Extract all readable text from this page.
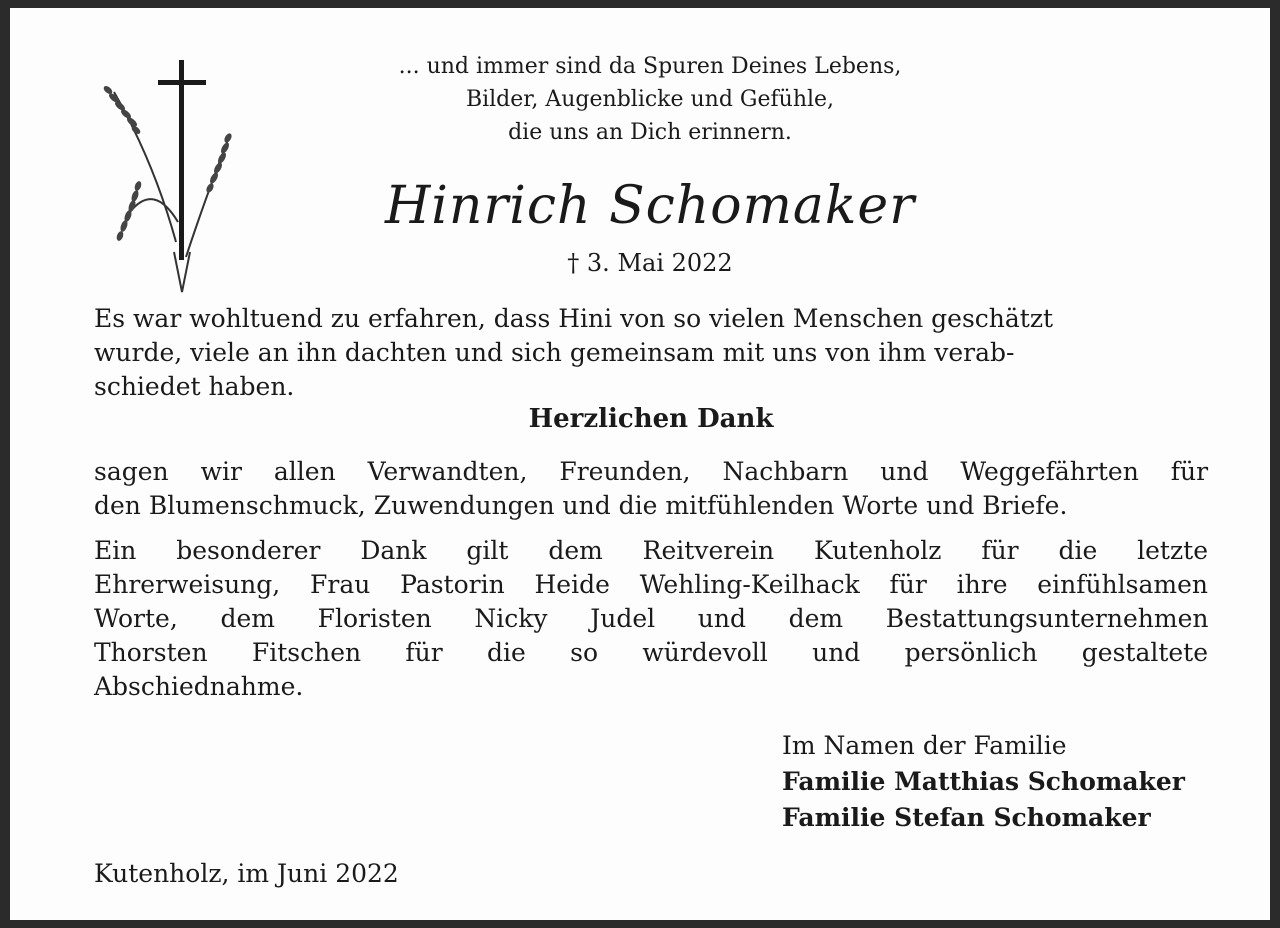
... und immer sind da Spuren Deines Lebens,
Bilder, Augenblicke und Gefühle,
die uns an Dich erinnern.
Hinrich Schomaker
† 3. Mai 2022
Es war wohltuend zu erfahren, dass Hini von so vielen Menschen geschätzt
wurde, viele an ihn dachten und sich gemeinsam mit uns von ihm verab-
schiedet haben.
Herzlichen Dank
sagen wir allen Verwandten, Freunden, Nachbarn und Weggefährten für
den Blumenschmuck, Zuwendungen und die mitfühlenden Worte und Briefe.
Ein besonderer Dank gilt dem Reitverein Kutenholz für die letzte
Ehrerweisung, Frau Pastorin Heide Wehling-Keilhack für ihre einfühlsamen
Worte, dem Floristen Nicky Judel und dem Bestattungsunternehmen
Thorsten Fitschen für die so würdevoll und persönlich gestaltete
Abschiednahme.
Im Namen der Familie
Familie Matthias Schomaker
Familie Stefan Schomaker
Kutenholz, im Juni 2022
